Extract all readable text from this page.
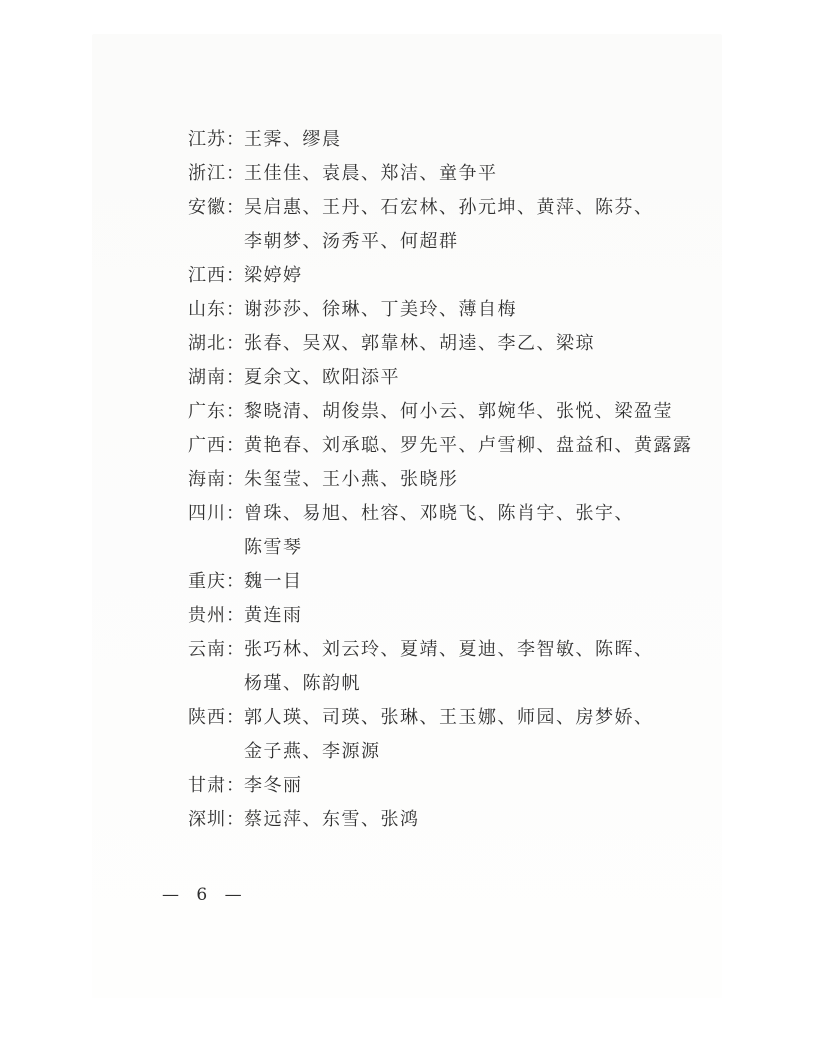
江苏： 王霁、缪晨
浙江： 王佳佳、袁晨、郑洁、童争平
安徽： 吴启惠、王丹、石宏林、孙元坤、黄萍、陈芬、
李朝梦、汤秀平、何超群
江西： 梁婷婷
山东： 谢莎莎、徐琳、丁美玲、薄自梅
湖北： 张春、吴双、郭靠林、胡逵、李乙、梁琼
湖南： 夏余文、欧阳添平
广东： 黎晓清、胡俊祟、何小云、郭婉华、张悦、梁盈莹
广西： 黄艳春、刘承聪、罗先平、卢雪柳、盘益和、黄露露
海南： 朱玺莹、王小燕、张晓彤
四川： 曾珠、易旭、杜容、邓晓飞、陈肖宇、张宇、
陈雪琴
重庆： 魏一目
贵州： 黄连雨
云南： 张巧林、刘云玲、夏靖、夏迪、李智敏、陈晖、
杨瑾、陈韵帆
陕西： 郭人瑛、司瑛、张琳、王玉娜、师园、房梦娇、
金子燕、李源源
甘肃： 李冬丽
深圳： 蔡远萍、东雪、张鸿
— 6 —
